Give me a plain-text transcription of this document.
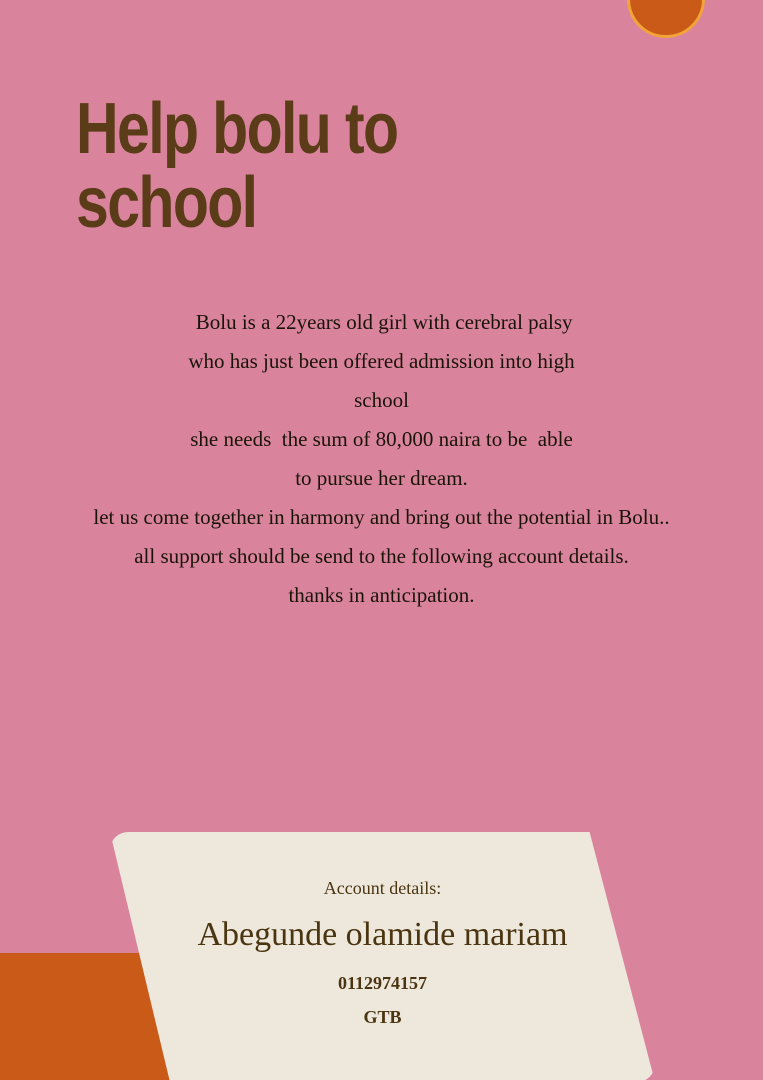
Help bolu to
school
Bolu is a 22years old girl with cerebral palsy
who has just been offered admission into high
school
she needs  the sum of 80,000 naira to be  able
to pursue her dream.
let us come together in harmony and bring out the potential in Bolu..
all support should be send to the following account details.
thanks in anticipation.
Account details:
Abegunde olamide mariam
0112974157
GTB
